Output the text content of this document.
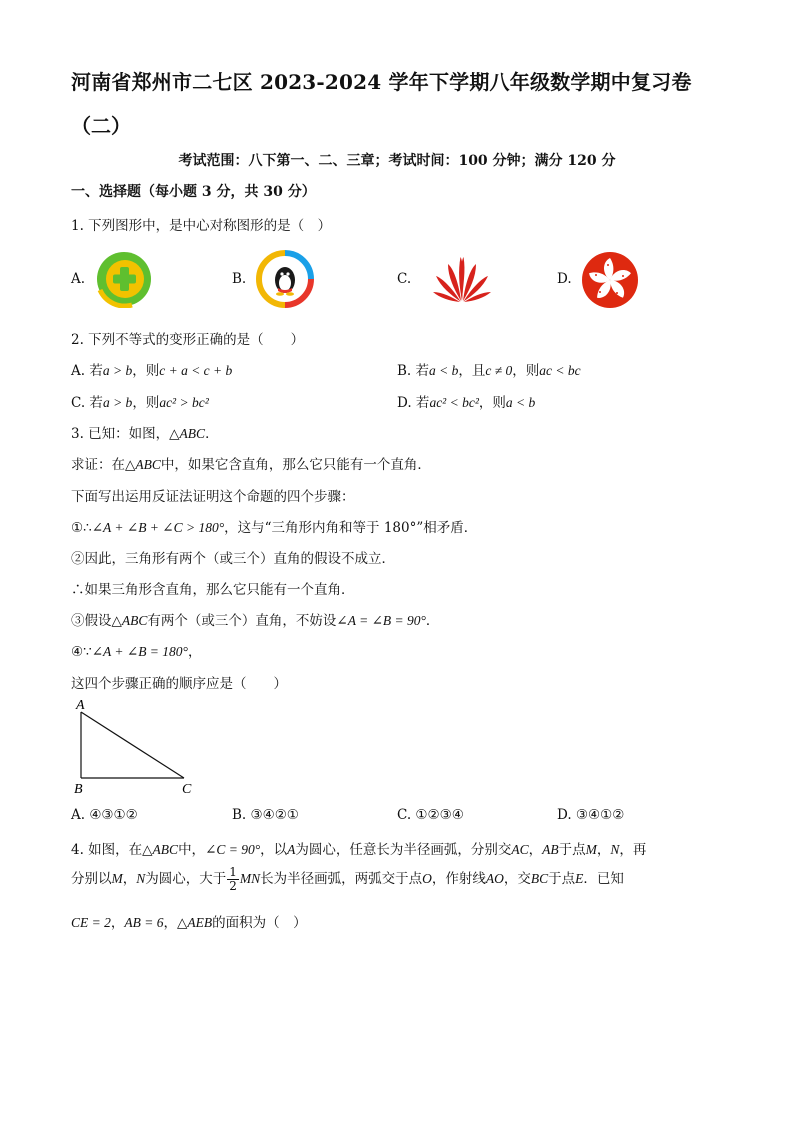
河南省郑州市二七区 2023-2024 学年下学期八年级数学期中复习卷
（二）
考试范围：八下第一、二、三章；考试时间：100 分钟；满分 120 分
一、选择题（每小题 3 分，共 30 分）
1. 下列图形中，是中心对称图形的是（　）
A.	B.	C.	D.
2. 下列不等式的变形正确的是（　　）
A. 若a > b，则c + a < c + b	B. 若a < b，且c ≠ 0，则ac < bc
C. 若a > b，则ac² > bc²	D. 若ac² < bc²，则a < b
3. 已知：如图，△ABC．
求证：在△ABC中，如果它含直角，那么它只能有一个直角．
下面写出运用反证法证明这个命题的四个步骤：
①∴∠A + ∠B + ∠C > 180°，这与“三角形内角和等于 180°”相矛盾．
②因此，三角形有两个（或三个）直角的假设不成立．
∴如果三角形含直角，那么它只能有一个直角．
③假设△ABC有两个（或三个）直角，不妨设∠A = ∠B = 90°．
④∵∠A + ∠B = 180°，
这四个步骤正确的顺序应是（　　）
A
B	C
A. ④③①②	B. ③④②①	C. ①②③④	D. ③④①②
4. 如图，在△ABC中，∠C = 90°，以A为圆心，任意长为半径画弧，分别交AC，AB于点M，N，再
分别以M，N为圆心，大于 $\frac{1}{2}$ MN长为半径画弧，两弧交于点O，作射线AO，交BC于点E．已知
CE = 2，AB = 6，△AEB的面积为（　）
